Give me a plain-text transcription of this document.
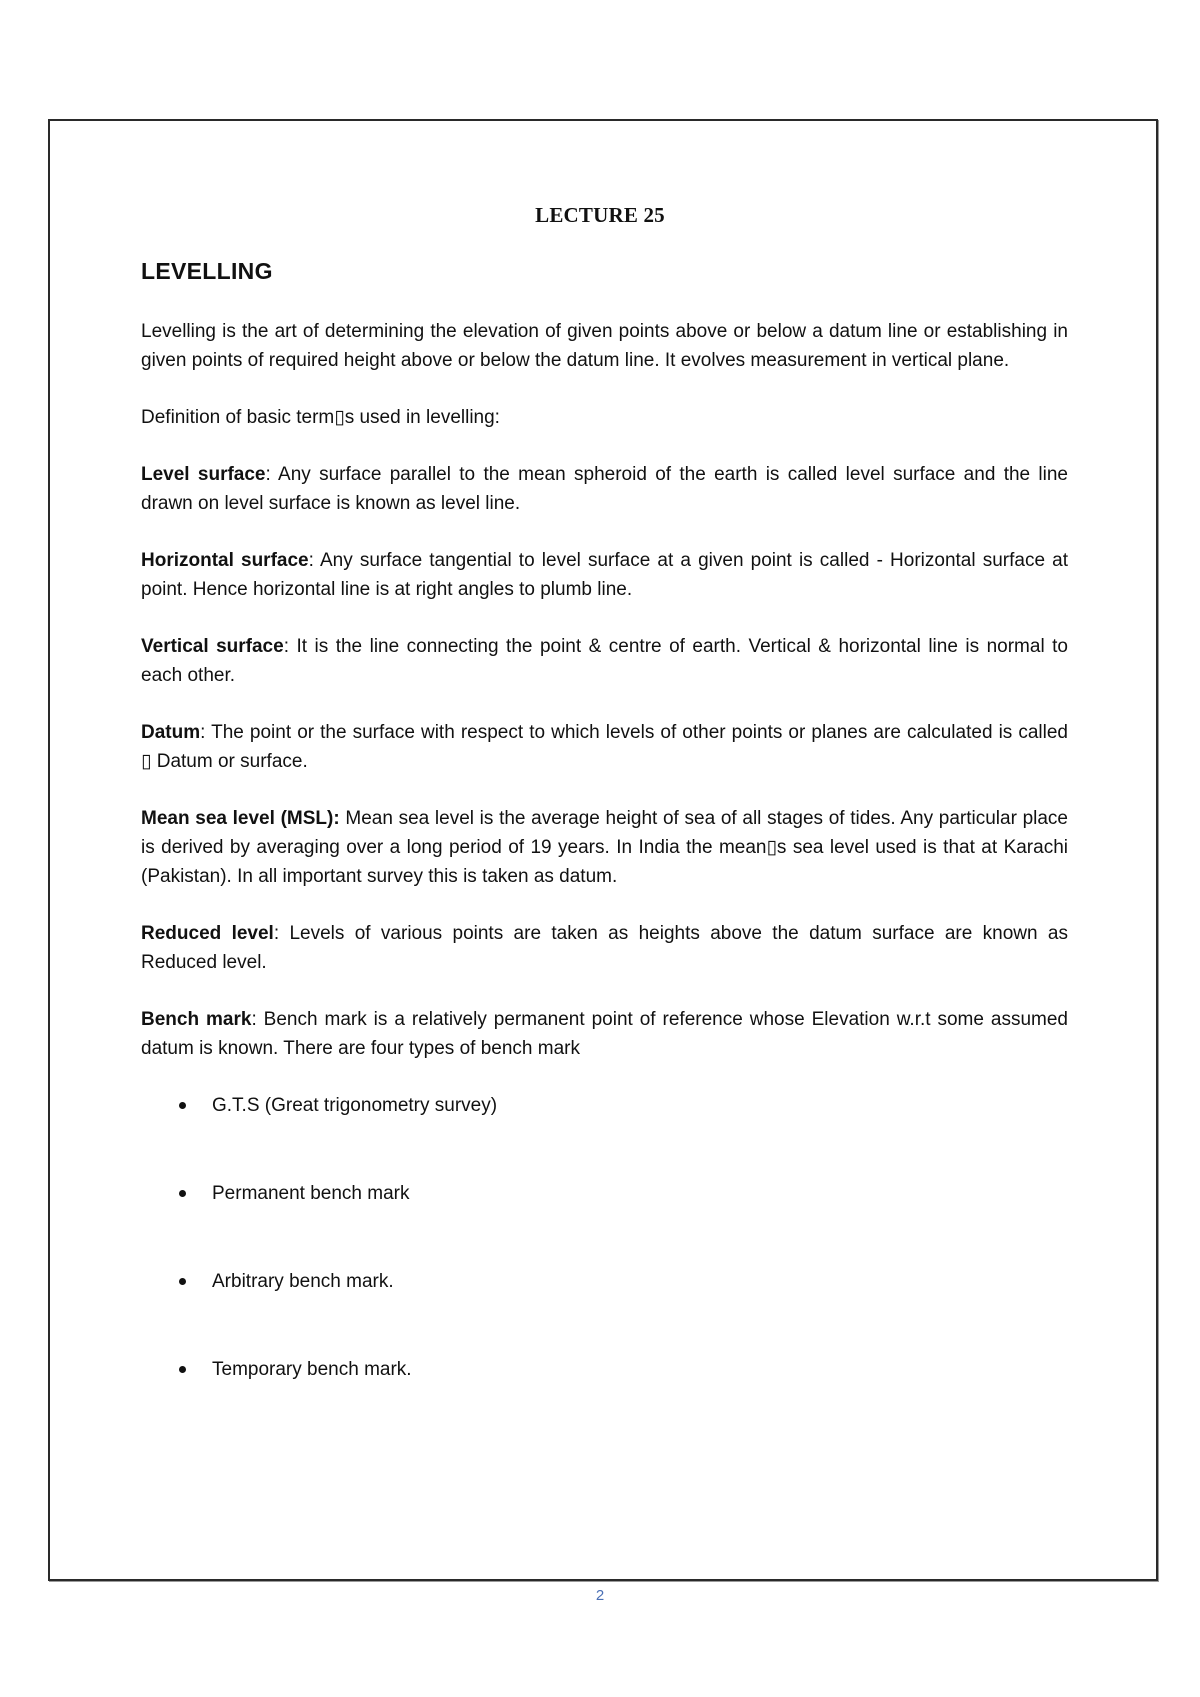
LECTURE 25
LEVELLING

Levelling is the art of determining the elevation of given points above or below a datum line or establishing in given points of required height above or below the datum line. It evolves measurement in vertical plane.

Definition of basic term▯s used in levelling:

Level surface: Any surface parallel to the mean spheroid of the earth is called level surface and the line drawn on level surface is known as level line.

Horizontal surface: Any surface tangential to level surface at a given point is called - Horizontal surface at point. Hence horizontal line is at right angles to plumb line.

Vertical surface: It is the line connecting the point & centre of earth. Vertical & horizontal line is normal to each other.

Datum: The point or the surface with respect to which levels of other points or planes are calculated is called ▯ Datum or surface.

Mean sea level (MSL): Mean sea level is the average height of sea of all stages of tides. Any particular place is derived by averaging over a long period of 19 years. In India the mean▯s sea level used is that at Karachi (Pakistan). In all important survey this is taken as datum.

Reduced level: Levels of various points are taken as heights above the datum surface are known as Reduced level.

Bench mark: Bench mark is a relatively permanent point of reference whose Elevation w.r.t some assumed datum is known. There are four types of bench mark

G.T.S (Great trigonometry survey)
Permanent bench mark
Arbitrary bench mark.
Temporary bench mark.
2
